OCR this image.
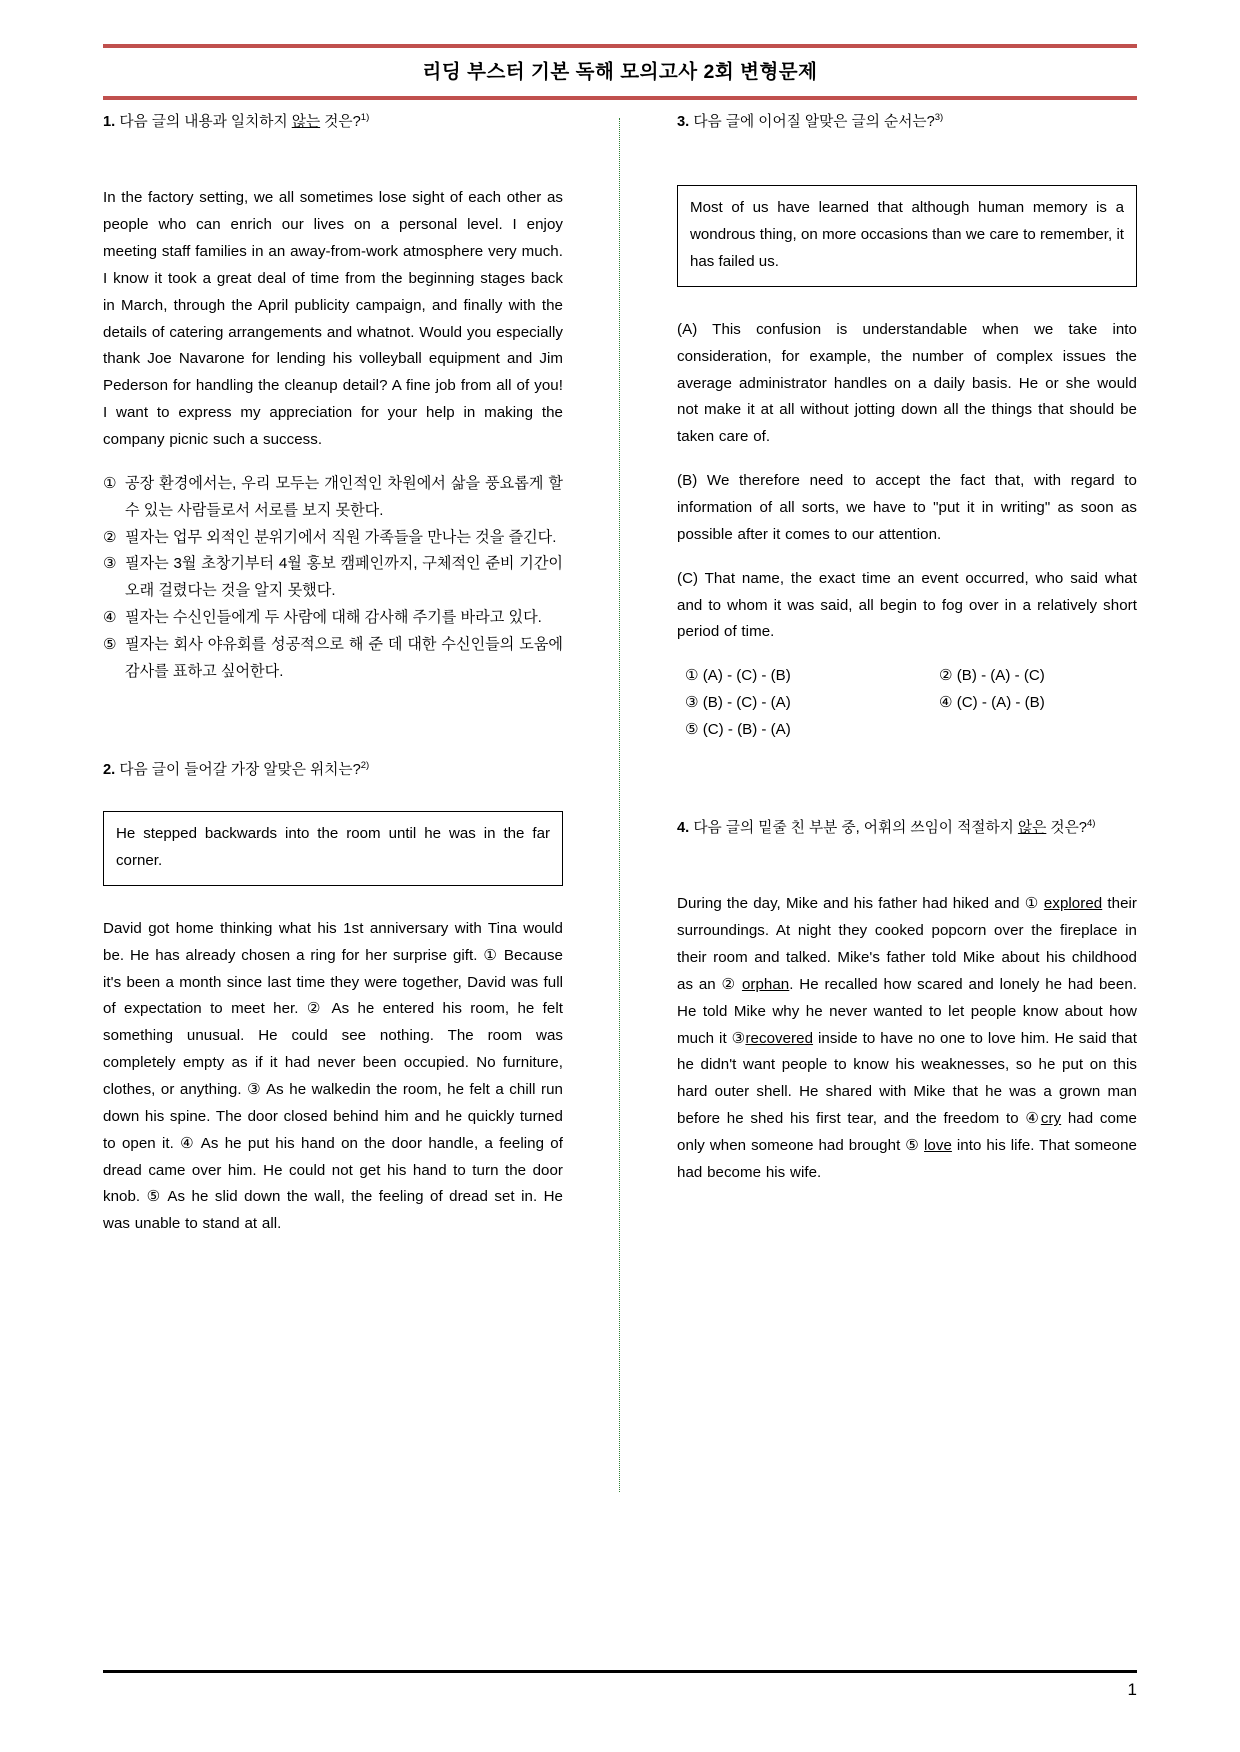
리딩 부스터 기본 독해 모의고사 2회 변형문제
1. 다음 글의 내용과 일치하지 않는 것은?$^{1)}$
In the factory setting, we all sometimes lose sight of each other as people who can enrich our lives on a personal level. I enjoy meeting staff families in an away-from-work atmosphere very much. I know it took a great deal of time from the beginning stages back in March, through the April publicity campaign, and finally with the details of catering arrangements and whatnot. Would you especially thank Joe Navarone for lending his volleyball equipment and Jim Pederson for handling the cleanup detail? A fine job from all of you! I want to express my appreciation for your help in making the company picnic such a success.
① 공장 환경에서는, 우리 모두는 개인적인 차원에서 삶을 풍요롭게 할 수 있는 사람들로서 서로를 보지 못한다.
② 필자는 업무 외적인 분위기에서 직원 가족들을 만나는 것을 즐긴다.
③ 필자는 3월 초창기부터 4월 홍보 캠페인까지, 구체적인 준비 기간이 오래 걸렸다는 것을 알지 못했다.
④ 필자는 수신인들에게 두 사람에 대해 감사해 주기를 바라고 있다.
⑤ 필자는 회사 야유회를 성공적으로 해 준 데 대한 수신인들의 도움에 감사를 표하고 싶어한다.
2. 다음 글이 들어갈 가장 알맞은 위치는?$^{2)}$
He stepped backwards into the room until he was in the far corner.
David got home thinking what his 1st anniversary with Tina would be. He has already chosen a ring for her surprise gift. ① Because it's been a month since last time they were together, David was full of expectation to meet her. ② As he entered his room, he felt something unusual. He could see nothing. The room was completely empty as if it had never been occupied. No furniture, clothes, or anything. ③ As he walkedin the room, he felt a chill run down his spine. The door closed behind him and he quickly turned to open it. ④ As he put his hand on the door handle, a feeling of dread came over him. He could not get his hand to turn the door knob. ⑤ As he slid down the wall, the feeling of dread set in. He was unable to stand at all.
3. 다음 글에 이어질 알맞은 글의 순서는?$^{3)}$
Most of us have learned that although human memory is a wondrous thing, on more occasions than we care to remember, it has failed us.
(A) This confusion is understandable when we take into consideration, for example, the number of complex issues the average administrator handles on a daily basis. He or she would not make it at all without jotting down all the things that should be taken care of.
(B) We therefore need to accept the fact that, with regard to information of all sorts, we have to "put it in writing" as soon as possible after it comes to our attention.
(C) That name, the exact time an event occurred, who said what and to whom it was said, all begin to fog over in a relatively short period of time.
① (A) - (C) - (B)	② (B) - (A) - (C)
③ (B) - (C) - (A)	④ (C) - (A) - (B)
⑤ (C) - (B) - (A)
4. 다음 글의 밑줄 친 부분 중, 어휘의 쓰임이 적절하지 않은 것은?$^{4)}$
During the day, Mike and his father had hiked and ① explored their surroundings. At night they cooked popcorn over the fireplace in their room and talked. Mike's father told Mike about his childhood as an ② orphan. He recalled how scared and lonely he had been. He told Mike why he never wanted to let people know about how much it ③recovered inside to have no one to love him. He said that he didn't want people to know his weaknesses, so he put on this hard outer shell. He shared with Mike that he was a grown man before he shed his first tear, and the freedom to ④cry had come only when someone had brought ⑤ love into his life. That someone had become his wife.
1
